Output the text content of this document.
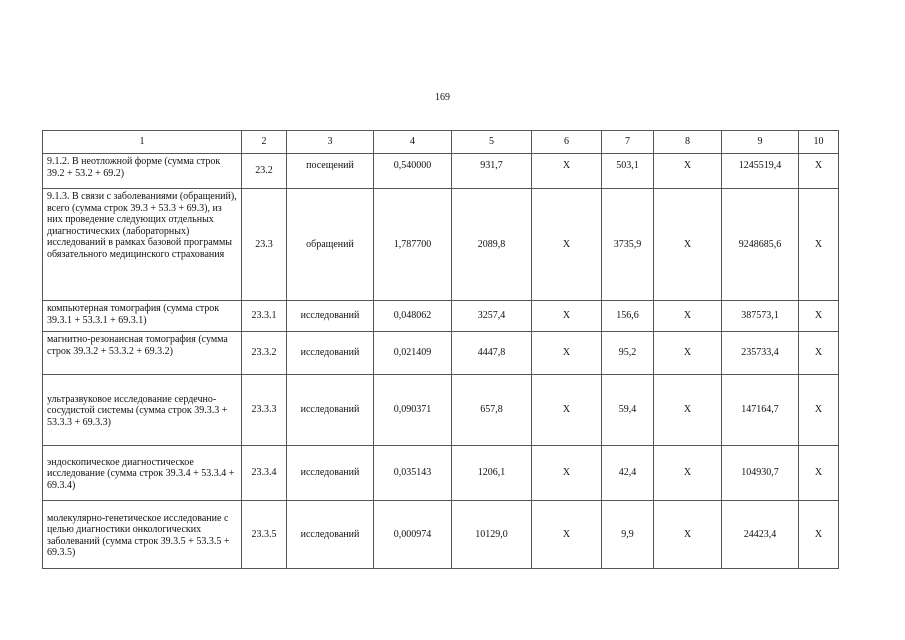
169
1	2	3	4	5	6	7	8	9	10
9.1.2. В неотложной форме (сумма строк 39.2 + 53.2 + 69.2)	23.2	посещений	0,540000	931,7	X	503,1	X	1245519,4	X
9.1.3. В связи с заболеваниями (обращений), всего (сумма строк 39.3 + 53.3 + 69.3), из них проведение следующих отдельных диагностических (лабораторных) исследований в рамках базовой программы обязательного медицинского страхования	23.3	обращений	1,787700	2089,8	X	3735,9	X	9248685,6	X
компьютерная томография (сумма строк 39.3.1 + 53.3.1 + 69.3.1)	23.3.1	исследований	0,048062	3257,4	X	156,6	X	387573,1	X
магнитно-резонансная томография (сумма строк 39.3.2 + 53.3.2 + 69.3.2)	23.3.2	исследований	0,021409	4447,8	X	95,2	X	235733,4	X
ультразвуковое исследование сердечно-сосудистой системы (сумма строк 39.3.3 + 53.3.3 + 69.3.3)	23.3.3	исследований	0,090371	657,8	X	59,4	X	147164,7	X
эндоскопическое диагностическое исследование (сумма строк 39.3.4 + 53.3.4 + 69.3.4)	23.3.4	исследований	0,035143	1206,1	X	42,4	X	104930,7	X
молекулярно-генетическое исследование с целью диагностики онкологических заболеваний (сумма строк 39.3.5 + 53.3.5 + 69.3.5)	23.3.5	исследований	0,000974	10129,0	X	9,9	X	24423,4	X
